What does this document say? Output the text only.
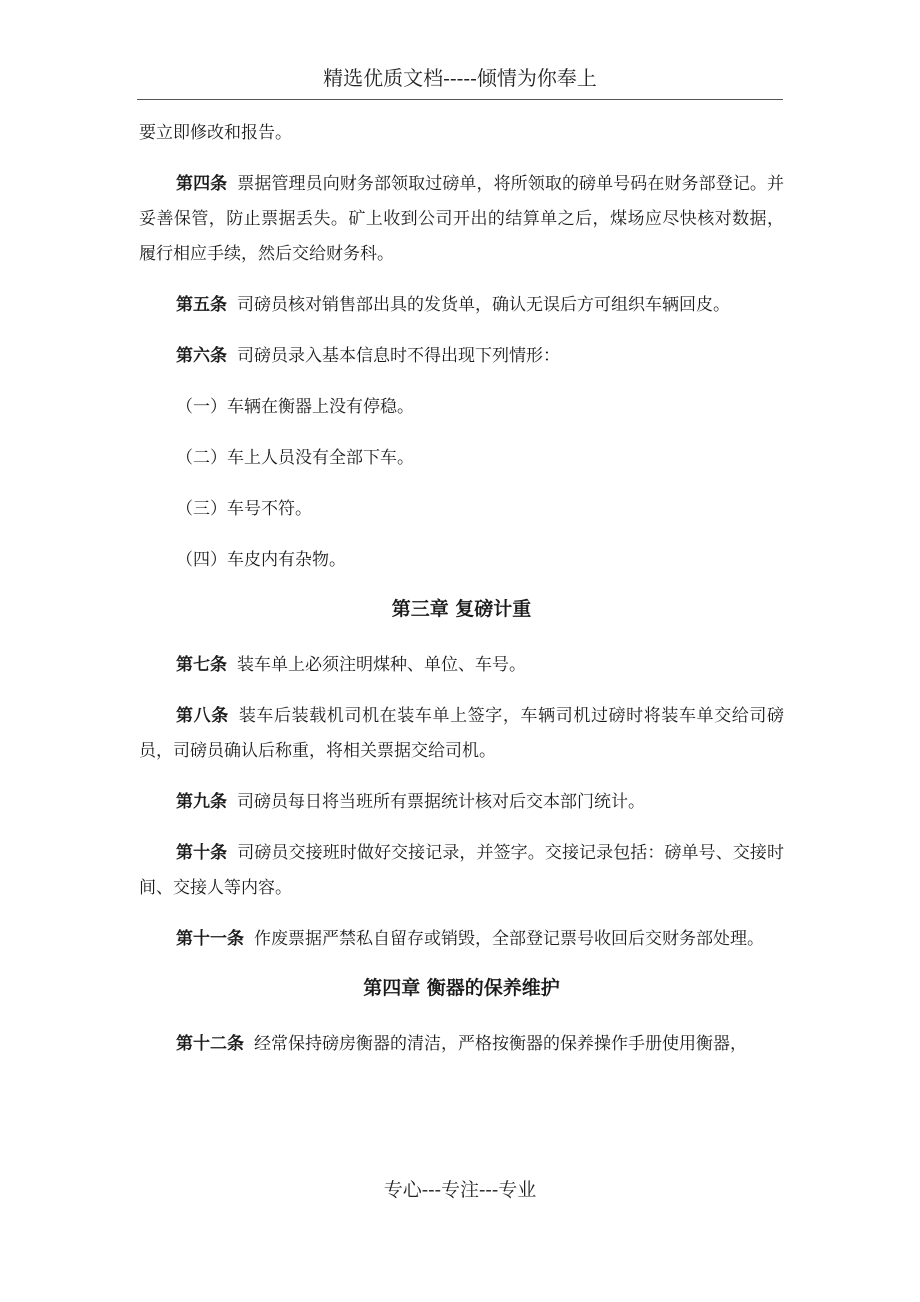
精选优质文档-----倾情为你奉上

要立即修改和报告。

第四条 票据管理员向财务部领取过磅单，将所领取的磅单号码在财务部登记。并妥善保管，防止票据丢失。矿上收到公司开出的结算单之后，煤场应尽快核对数据，履行相应手续，然后交给财务科。

第五条 司磅员核对销售部出具的发货单，确认无误后方可组织车辆回皮。

第六条 司磅员录入基本信息时不得出现下列情形：

（一）车辆在衡器上没有停稳。

（二）车上人员没有全部下车。

（三）车号不符。

（四）车皮内有杂物。

第三章 复磅计重

第七条 装车单上必须注明煤种、单位、车号。

第八条 装车后装载机司机在装车单上签字，车辆司机过磅时将装车单交给司磅员，司磅员确认后称重，将相关票据交给司机。

第九条 司磅员每日将当班所有票据统计核对后交本部门统计。

第十条 司磅员交接班时做好交接记录，并签字。交接记录包括：磅单号、交接时间、交接人等内容。

第十一条 作废票据严禁私自留存或销毁，全部登记票号收回后交财务部处理。

第四章 衡器的保养维护

第十二条 经常保持磅房衡器的清洁，严格按衡器的保养操作手册使用衡器，

专心---专注---专业
